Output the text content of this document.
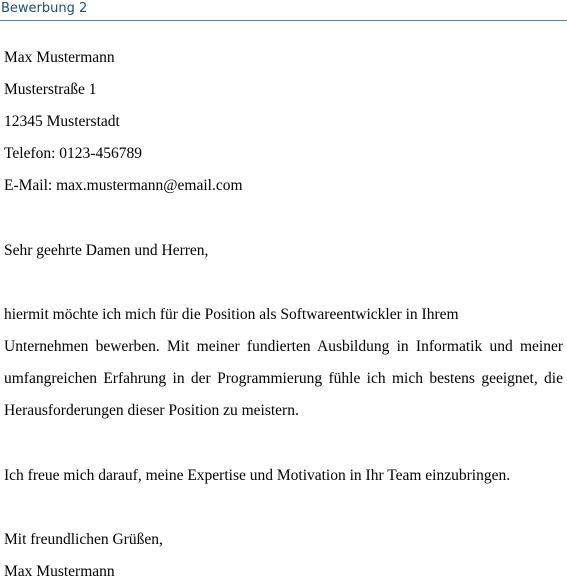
Bewerbung 2
Max Mustermann
Musterstraße 1
12345 Musterstadt
Telefon: 0123-456789
E-Mail: max.mustermann@email.com
Sehr geehrte Damen und Herren,
hiermit möchte ich mich für die Position als Softwareentwickler in Ihrem
Unternehmen bewerben. Mit meiner fundierten Ausbildung in Informatik und meiner
umfangreichen Erfahrung in der Programmierung fühle ich mich bestens geeignet, die
Herausforderungen dieser Position zu meistern.
Ich freue mich darauf, meine Expertise und Motivation in Ihr Team einzubringen.
Mit freundlichen Grüßen,
Max Mustermann
